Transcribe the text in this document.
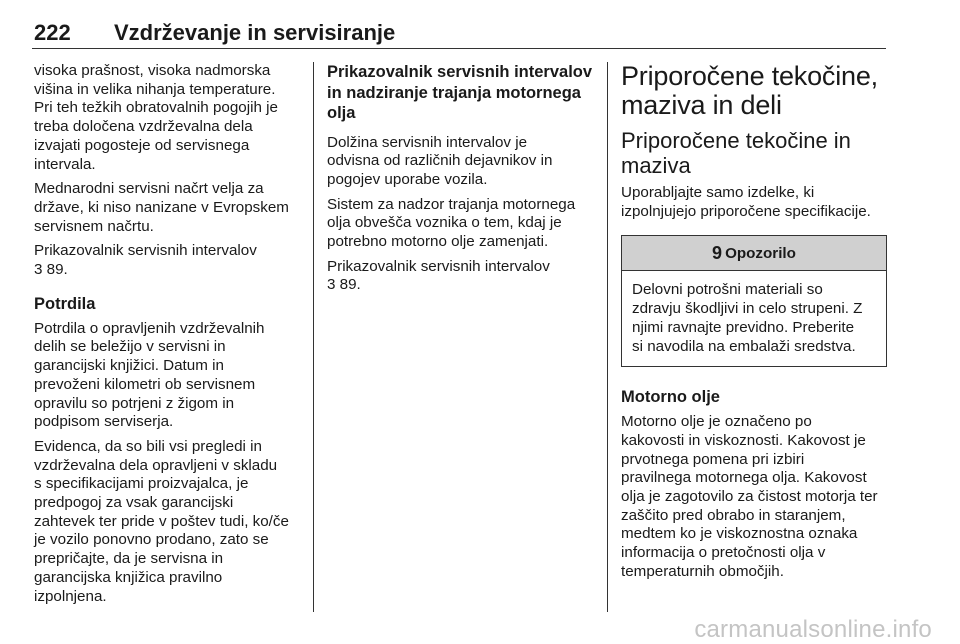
222 Vzdrževanje in servisiranje

visoka prašnost, visoka nadmorska
višina in velika nihanja temperature.
Pri teh težkih obratovalnih pogojih je
treba določena vzdrževalna dela
izvajati pogosteje od servisnega
intervala.

Mednarodni servisni načrt velja za
države, ki niso nanizane v Evropskem
servisnem načrtu.

Prikazovalnik servisnih intervalov
3 89.

Potrdila

Potrdila o opravljenih vzdrževalnih
delih se beležijo v servisni in
garancijski knjižici. Datum in
prevoženi kilometri ob servisnem
opravilu so potrjeni z žigom in
podpisom serviserja.

Evidenca, da so bili vsi pregledi in
vzdrževalna dela opravljeni v skladu
s specifikacijami proizvajalca, je
predpogoj za vsak garancijski
zahtevek ter pride v poštev tudi, ko/če
je vozilo ponovno prodano, zato se
prepričajte, da je servisna in
garancijska knjižica pravilno
izpolnjena.

Prikazovalnik servisnih intervalov
in nadziranje trajanja motornega
olja

Dolžina servisnih intervalov je
odvisna od različnih dejavnikov in
pogojev uporabe vozila.

Sistem za nadzor trajanja motornega
olja obvešča voznika o tem, kdaj je
potrebno motorno olje zamenjati.

Prikazovalnik servisnih intervalov
3 89.

Priporočene tekočine,
maziva in deli
Priporočene tekočine in
maziva

Uporabljajte samo izdelke, ki
izpolnjujejo priporočene specifikacije.

9 Opozorilo

Delovni potrošni materiali so
zdravju škodljivi in celo strupeni. Z
njimi ravnajte previdno. Preberite
si navodila na embalaži sredstva.

Motorno olje

Motorno olje je označeno po
kakovosti in viskoznosti. Kakovost je
prvotnega pomena pri izbiri
pravilnega motornega olja. Kakovost
olja je zagotovilo za čistost motorja ter
zaščito pred obrabo in staranjem,
medtem ko je viskoznostna oznaka
informacija o pretočnosti olja v
temperaturnih območjih.

carmanualsonline.info
